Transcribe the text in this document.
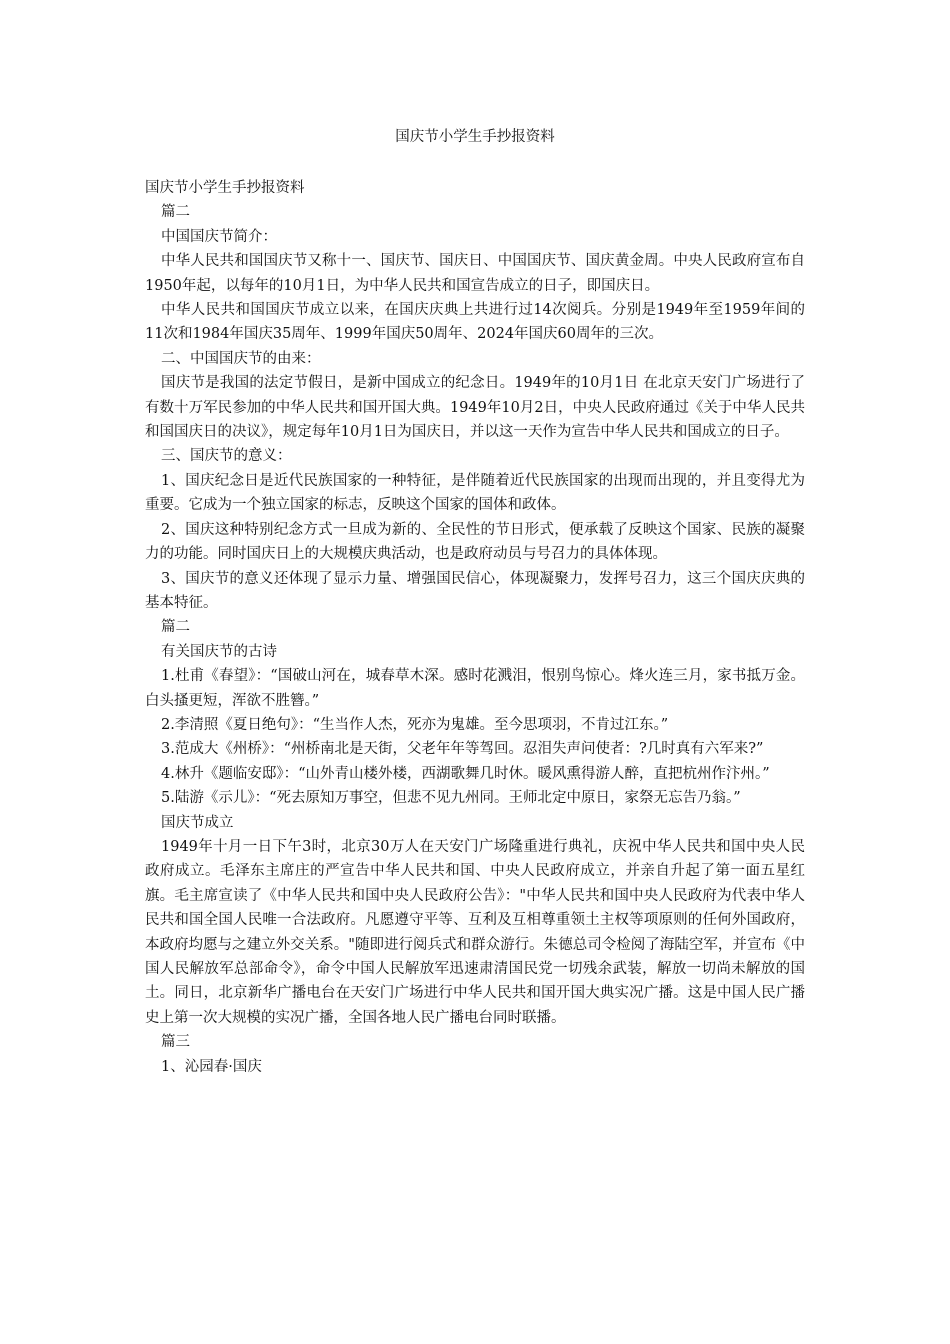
国庆节小学生手抄报资料

国庆节小学生手抄报资料

篇二

中国国庆节简介：

中华人民共和国国庆节又称十一、国庆节、国庆日、中国国庆节、国庆黄金周。中央人民政府宣布自1950年起，以每年的10月1日，为中华人民共和国宣告成立的日子，即国庆日。

中华人民共和国国庆节成立以来，在国庆庆典上共进行过14次阅兵。分别是1949年至1959年间的11次和1984年国庆35周年、1999年国庆50周年、2024年国庆60周年的三次。

二、中国国庆节的由来：

国庆节是我国的法定节假日，是新中国成立的纪念日。1949年的10月1日 在北京天安门广场进行了有数十万军民参加的中华人民共和国开国大典。1949年10月2日，中央人民政府通过《关于中华人民共和国国庆日的决议》，规定每年10月1日为国庆日，并以这一天作为宣告中华人民共和国成立的日子。

三、国庆节的意义：

1、国庆纪念日是近代民族国家的一种特征，是伴随着近代民族国家的出现而出现的，并且变得尤为重要。它成为一个独立国家的标志，反映这个国家的国体和政体。

2、国庆这种特别纪念方式一旦成为新的、全民性的节日形式，便承载了反映这个国家、民族的凝聚力的功能。同时国庆日上的大规模庆典活动，也是政府动员与号召力的具体体现。

3、国庆节的意义还体现了显示力量、增强国民信心，体现凝聚力，发挥号召力，这三个国庆庆典的基本特征。

篇二

有关国庆节的古诗

1.杜甫《春望》：“国破山河在，城春草木深。感时花溅泪，恨别鸟惊心。烽火连三月，家书抵万金。白头搔更短，浑欲不胜簪。”

2.李清照《夏日绝句》：“生当作人杰，死亦为鬼雄。至今思项羽，不肯过江东。”

3.范成大《州桥》：“州桥南北是天街，父老年年等驾回。忍泪失声问使者：?几时真有六军来?”

4.林升《题临安邸》：“山外青山楼外楼，西湖歌舞几时休。暖风熏得游人醉，直把杭州作汴州。”

5.陆游《示儿》：“死去原知万事空，但悲不见九州同。王师北定中原日，家祭无忘告乃翁。”

国庆节成立

1949年十月一日下午3时，北京30万人在天安门广场隆重进行典礼，庆祝中华人民共和国中央人民政府成立。毛泽东主席庄的严宣告中华人民共和国、中央人民政府成立，并亲自升起了第一面五星红旗。毛主席宣读了《中华人民共和国中央人民政府公告》："中华人民共和国中央人民政府为代表中华人民共和国全国人民唯一合法政府。凡愿遵守平等、互利及互相尊重领土主权等项原则的任何外国政府，本政府均愿与之建立外交关系。"随即进行阅兵式和群众游行。朱德总司令检阅了海陆空军，并宣布《中国人民解放军总部命令》，命令中国人民解放军迅速肃清国民党一切残余武装，解放一切尚未解放的国土。同日，北京新华广播电台在天安门广场进行中华人民共和国开国大典实况广播。这是中国人民广播史上第一次大规模的实况广播，全国各地人民广播电台同时联播。

篇三

1、沁园春·国庆
